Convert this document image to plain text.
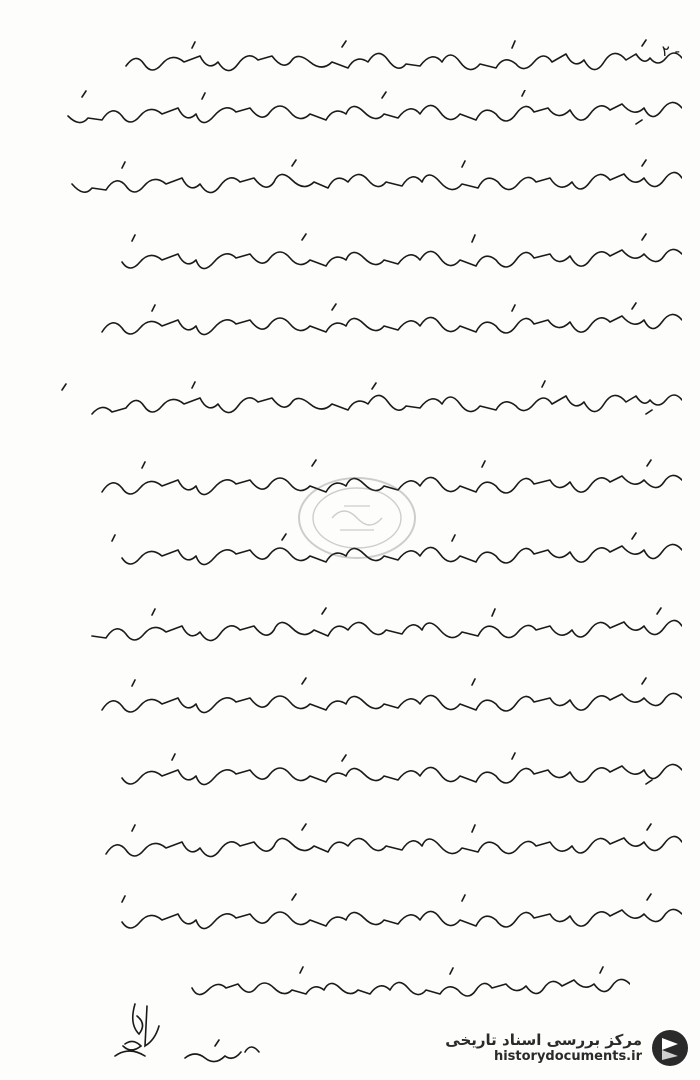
۲ -
مرکز بررسی اسناد تاریخی
historydocuments.ir
